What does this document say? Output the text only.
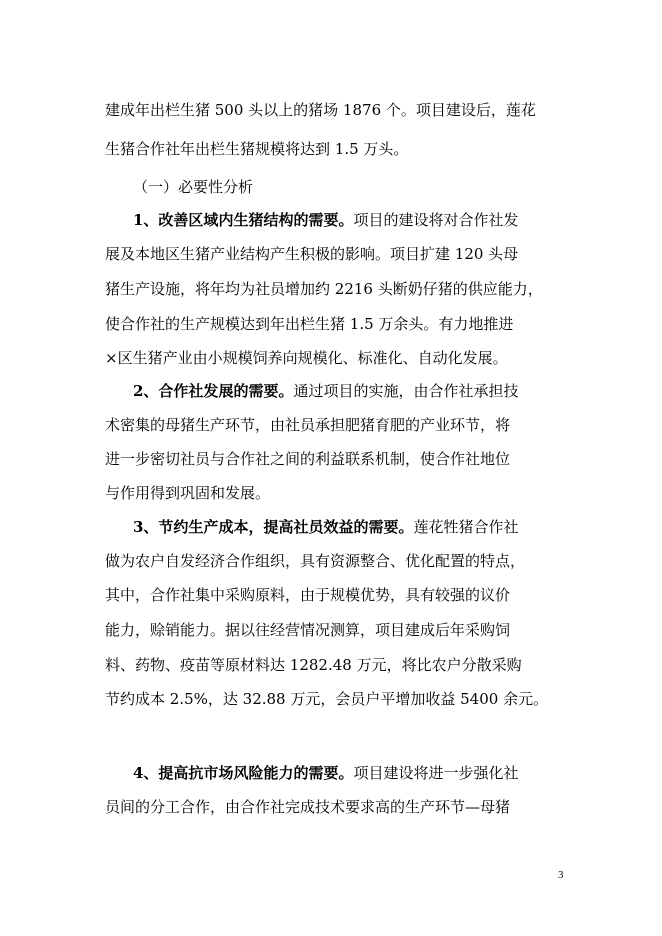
建成年出栏生猪 500 头以上的猪场 1876 个。项目建设后，莲花

生猪合作社年出栏生猪规模将达到 1.5 万头。

（一）必要性分析

1、改善区域内生猪结构的需要。项目的建设将对合作社发

展及本地区生猪产业结构产生积极的影响。项目扩建 120 头母

猪生产设施，将年均为社员增加约 2216 头断奶仔猪的供应能力，

使合作社的生产规模达到年出栏生猪 1.5 万余头。有力地推进

×区生猪产业由小规模饲养向规模化、标准化、自动化发展。

2、合作社发展的需要。通过项目的实施，由合作社承担技

术密集的母猪生产环节，由社员承担肥猪育肥的产业环节，将

进一步密切社员与合作社之间的利益联系机制，使合作社地位

与作用得到巩固和发展。

3、节约生产成本，提高社员效益的需要。莲花牲猪合作社

做为农户自发经济合作组织，具有资源整合、优化配置的特点，

其中，合作社集中采购原料，由于规模优势，具有较强的议价

能力，赊销能力。据以往经营情况测算，项目建成后年采购饲

料、药物、疫苗等原材料达 1282.48 万元，将比农户分散采购

节约成本 2.5%，达 32.88 万元，会员户平增加收益 5400 余元。

4、提高抗市场风险能力的需要。项目建设将进一步强化社

员间的分工合作，由合作社完成技术要求高的生产环节—母猪

3
